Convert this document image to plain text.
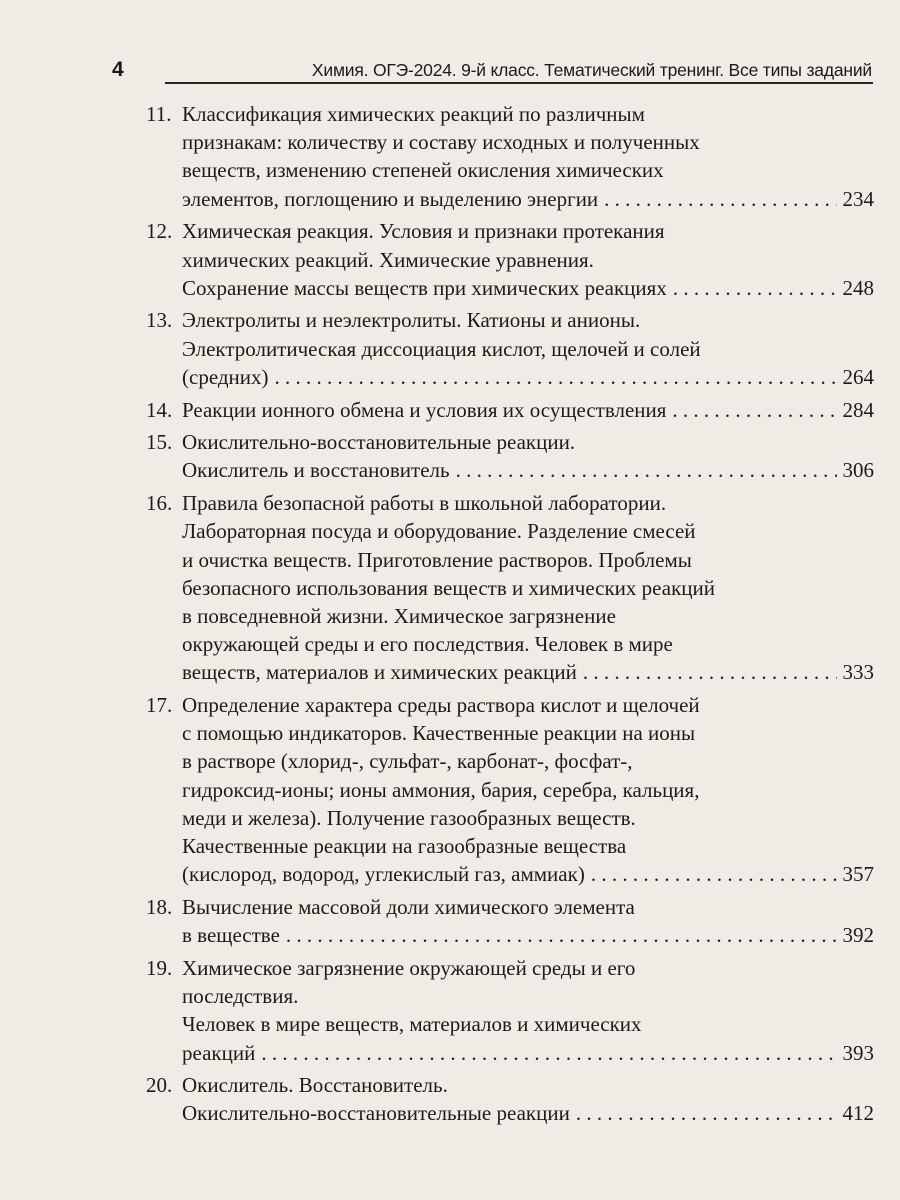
4	Химия. ОГЭ-2024. 9-й класс. Тематический тренинг. Все типы заданий
11. Классификация химических реакций по различным
признакам: количеству и составу исходных и полученных
веществ, изменению степеней окисления химических
элементов, поглощению и выделению энергии . . .	234
12. Химическая реакция. Условия и признаки протекания
химических реакций. Химические уравнения.
Сохранение массы веществ при химических реакциях . . .	248
13. Электролиты и неэлектролиты. Катионы и анионы.
Электролитическая диссоциация кислот, щелочей и солей
(средних) . . .	264
14. Реакции ионного обмена и условия их осуществления . . .	284
15. Окислительно-восстановительные реакции.
Окислитель и восстановитель . . .	306
16. Правила безопасной работы в школьной лаборатории.
Лабораторная посуда и оборудование. Разделение смесей
и очистка веществ. Приготовление растворов. Проблемы
безопасного использования веществ и химических реакций
в повседневной жизни. Химическое загрязнение
окружающей среды и его последствия. Человек в мире
веществ, материалов и химических реакций . . .	333
17. Определение характера среды раствора кислот и щелочей
с помощью индикаторов. Качественные реакции на ионы
в растворе (хлорид-, сульфат-, карбонат-, фосфат-,
гидроксид-ионы; ионы аммония, бария, серебра, кальция,
меди и железа). Получение газообразных веществ.
Качественные реакции на газообразные вещества
(кислород, водород, углекислый газ, аммиак) . . .	357
18. Вычисление массовой доли химического элемента
в веществе . . .	392
19. Химическое загрязнение окружающей среды и его
последствия.
Человек в мире веществ, материалов и химических
реакций . . .	393
20. Окислитель. Восстановитель.
Окислительно-восстановительные реакции . . .	412
